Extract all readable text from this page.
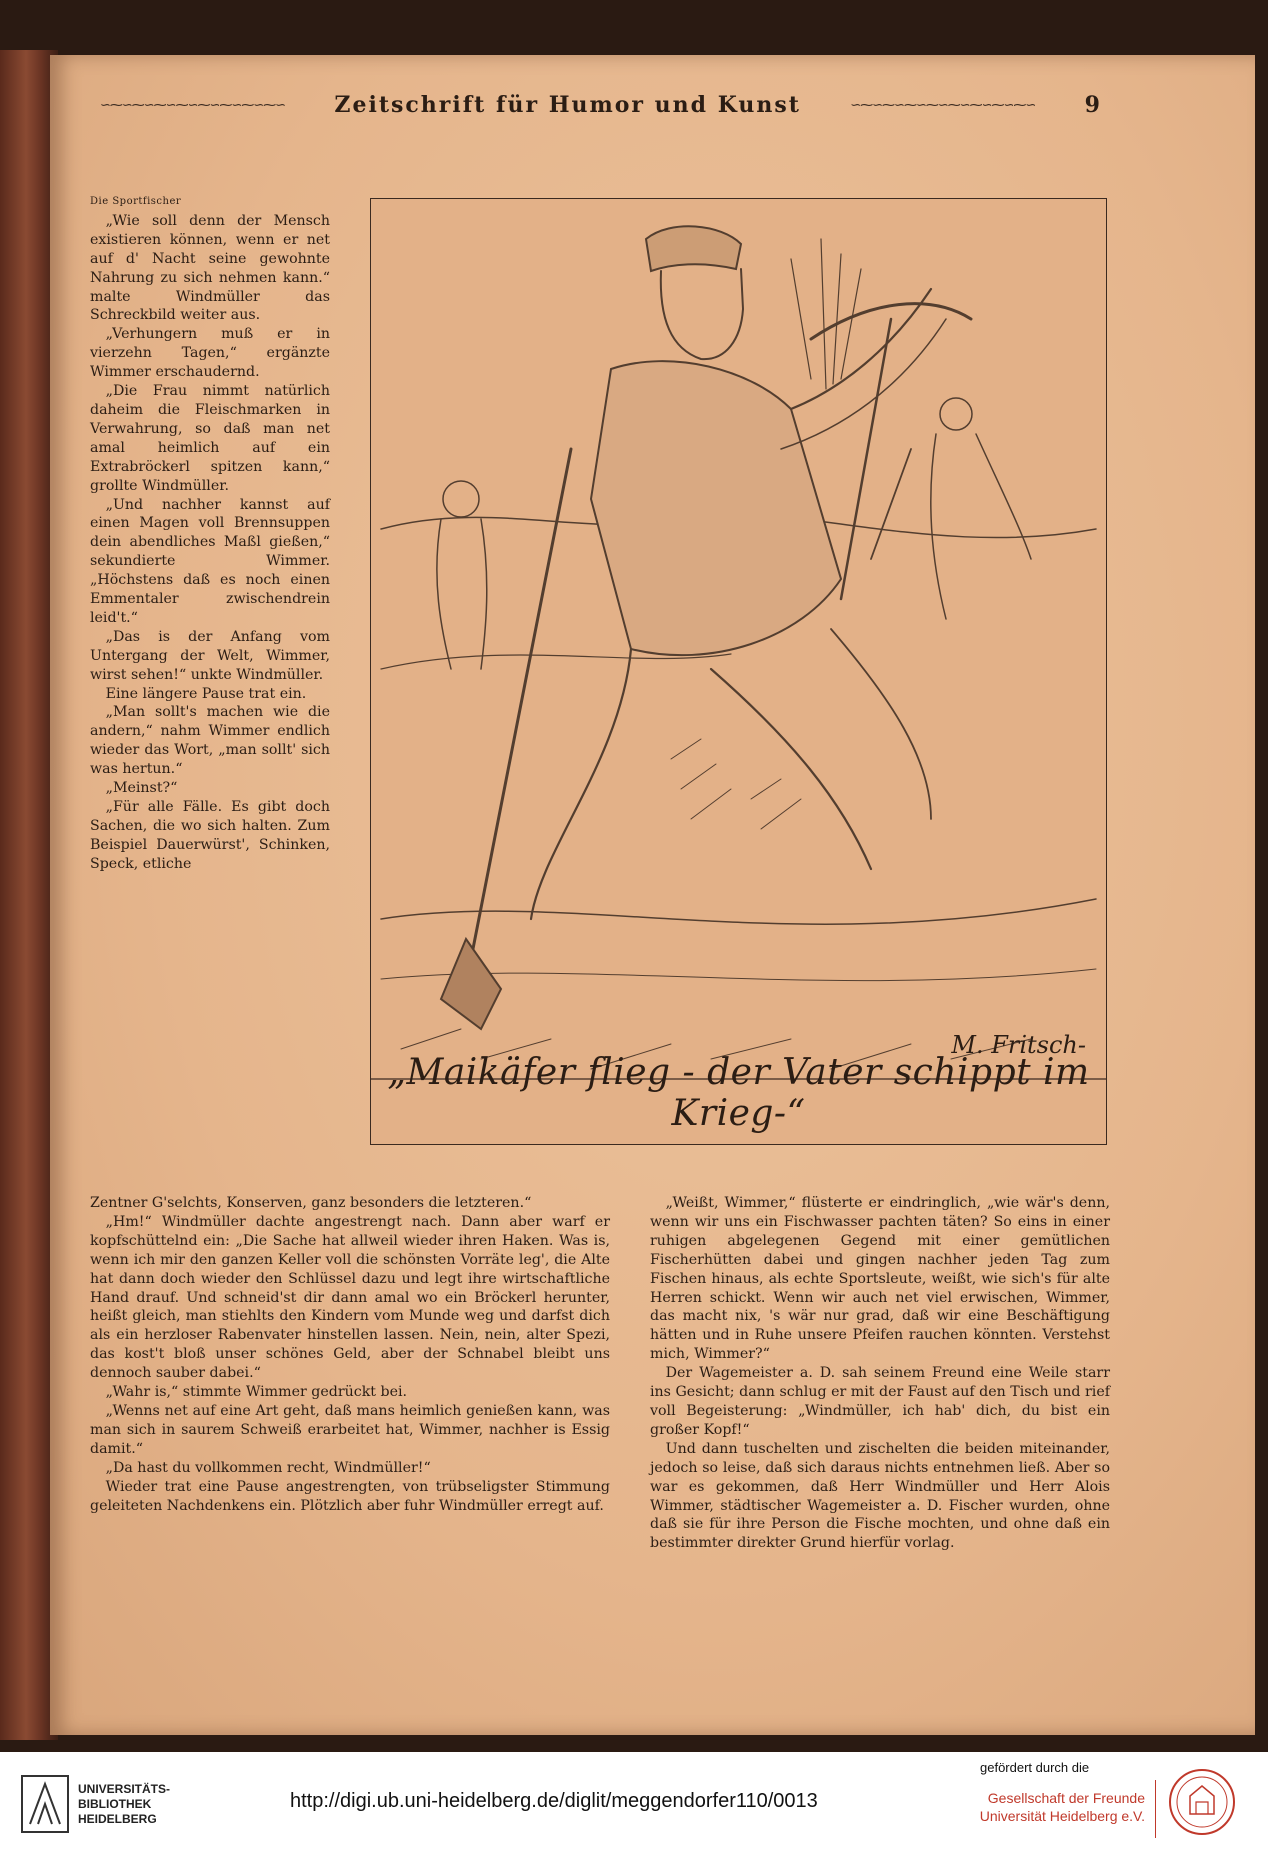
∽⁓∽⁓∽⁓∽⁓∽⁓∽⁓∽⁓∽⁓∽ Zeitschrift für Humor und Kunst	∽⁓∽⁓∽⁓∽⁓∽⁓∽⁓∽⁓∽⁓∽ 9

Die Sportfischer

„Wie soll denn der Mensch existieren können, wenn er net auf d' Nacht seine gewohnte Nahrung zu sich nehmen kann.“ malte Windmüller das Schreckbild weiter aus.

„Verhungern muß er in vierzehn Tagen,“ ergänzte Wimmer erschaudernd.

„Die Frau nimmt natürlich daheim die Fleischmarken in Verwahrung, so daß man net amal heimlich auf ein Extrabröckerl spitzen kann,“ grollte Windmüller.

„Und nachher kannst auf einen Magen voll Brennsuppen dein abendliches Maßl gießen,“ sekundierte Wimmer. „Höchstens daß es noch einen Emmentaler zwischendrein leid't.“

„Das is der Anfang vom Untergang der Welt, Wimmer, wirst sehen!“ unkte Windmüller.

Eine längere Pause trat ein.

„Man sollt's machen wie die andern,“ nahm Wimmer endlich wieder das Wort, „man sollt' sich was hertun.“

„Meinst?“

„Für alle Fälle. Es gibt doch Sachen, die wo sich halten. Zum Beispiel Dauerwürst', Schinken, Speck, etliche

M. Fritsch-
„Maikäfer flieg - der Vater schippt im Krieg-“

Zentner G'selchts, Konserven, ganz besonders die letzteren.“

„Hm!“ Windmüller dachte angestrengt nach. Dann aber warf er kopfschüttelnd ein: „Die Sache hat allweil wieder ihren Haken. Was is, wenn ich mir den ganzen Keller voll die schönsten Vorräte leg', die Alte hat dann doch wieder den Schlüssel dazu und legt ihre wirtschaftliche Hand drauf. Und schneid'st dir dann amal wo ein Bröckerl herunter, heißt gleich, man stiehlts den Kindern vom Munde weg und darfst dich als ein herzloser Rabenvater hinstellen lassen. Nein, nein, alter Spezi, das kost't bloß unser schönes Geld, aber der Schnabel bleibt uns dennoch sauber dabei.“

„Wahr is,“ stimmte Wimmer gedrückt bei.

„Wenns net auf eine Art geht, daß mans heimlich genießen kann, was man sich in saurem Schweiß erarbeitet hat, Wimmer, nachher is Essig damit.“

„Da hast du vollkommen recht, Windmüller!“

Wieder trat eine Pause angestrengten, von trübseligster Stimmung geleiteten Nachdenkens ein. Plötzlich aber fuhr Windmüller erregt auf.

„Weißt, Wimmer,“ flüsterte er eindringlich, „wie wär's denn, wenn wir uns ein Fischwasser pachten täten? So eins in einer ruhigen abgelegenen Gegend mit einer gemütlichen Fischerhütten dabei und gingen nachher jeden Tag zum Fischen hinaus, als echte Sportsleute, weißt, wie sich's für alte Herren schickt. Wenn wir auch net viel erwischen, Wimmer, das macht nix, 's wär nur grad, daß wir eine Beschäftigung hätten und in Ruhe unsere Pfeifen rauchen könnten. Verstehst mich, Wimmer?“

Der Wagemeister a. D. sah seinem Freund eine Weile starr ins Gesicht; dann schlug er mit der Faust auf den Tisch und rief voll Begeisterung: „Windmüller, ich hab' dich, du bist ein großer Kopf!“

Und dann tuschelten und zischelten die beiden miteinander, jedoch so leise, daß sich daraus nichts entnehmen ließ. Aber so war es gekommen, daß Herr Windmüller und Herr Alois Wimmer, städtischer Wagemeister a. D. Fischer wurden, ohne daß sie für ihre Person die Fische mochten, und ohne daß ein bestimmter direkter Grund hierfür vorlag.

UNIVERSITÄTS-
BIBLIOTHEK
HEIDELBERG
http://digi.ub.uni-heidelberg.de/diglit/meggendorfer110/0013
gefördert durch die
Gesellschaft der Freunde
Universität Heidelberg e.V.
